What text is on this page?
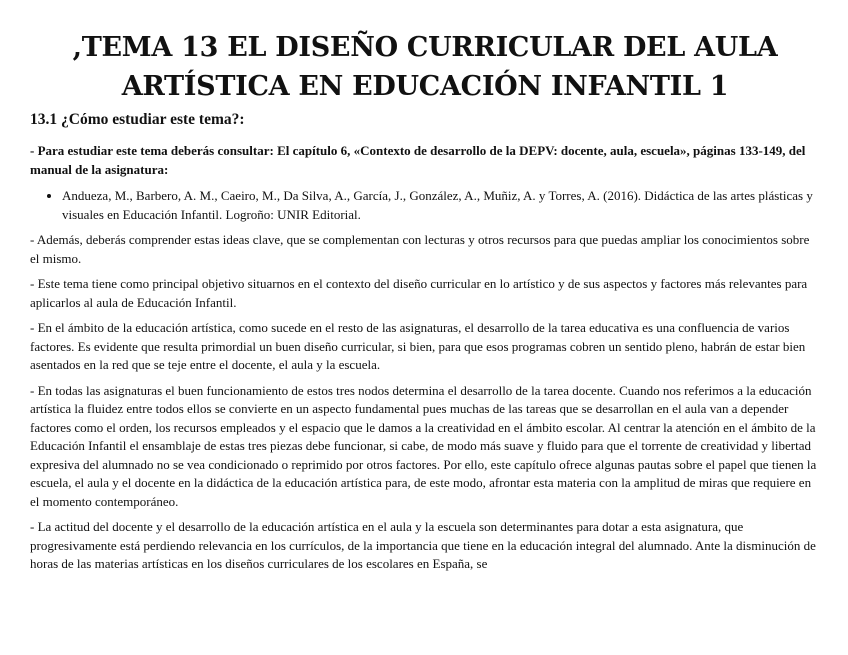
,TEMA 13 EL DISEÑO CURRICULAR DEL AULA
ARTÍSTICA EN EDUCACIÓN INFANTIL 1
13.1 ¿Cómo estudiar este tema?:

- Para estudiar este tema deberás consultar: El capítulo 6, «Contexto de desarrollo de la DEPV: docente, aula, escuela», páginas 133-149, del manual de la asignatura:

• Andueza, M., Barbero, A. M., Caeiro, M., Da Silva, A., García, J., González, A., Muñiz, A. y Torres, A. (2016). Didáctica de las artes plásticas y visuales en Educación Infantil. Logroño: UNIR Editorial.

- Además, deberás comprender estas ideas clave, que se complementan con lecturas y otros recursos para que puedas ampliar los conocimientos sobre el mismo.

- Este tema tiene como principal objetivo situarnos en el contexto del diseño curricular en lo artístico y de sus aspectos y factores más relevantes para aplicarlos al aula de Educación Infantil.

- En el ámbito de la educación artística, como sucede en el resto de las asignaturas, el desarrollo de la tarea educativa es una confluencia de varios factores. Es evidente que resulta primordial un buen diseño curricular, si bien, para que esos programas cobren un sentido pleno, habrán de estar bien asentados en la red que se teje entre el docente, el aula y la escuela.

- En todas las asignaturas el buen funcionamiento de estos tres nodos determina el desarrollo de la tarea docente. Cuando nos referimos a la educación artística la fluidez entre todos ellos se convierte en un aspecto fundamental pues muchas de las tareas que se desarrollan en el aula van a depender factores como el orden, los recursos empleados y el espacio que le damos a la creatividad en el ámbito escolar. Al centrar la atención en el ámbito de la Educación Infantil el ensamblaje de estas tres piezas debe funcionar, si cabe, de modo más suave y fluido para que el torrente de creatividad y libertad expresiva del alumnado no se vea condicionado o reprimido por otros factores. Por ello, este capítulo ofrece algunas pautas sobre el papel que tienen la escuela, el aula y el docente en la didáctica de la educación artística para, de este modo, afrontar esta materia con la amplitud de miras que requiere en el momento contemporáneo.

- La actitud del docente y el desarrollo de la educación artística en el aula y la escuela son determinantes para dotar a esta asignatura, que progresivamente está perdiendo relevancia en los currículos, de la importancia que tiene en la educación integral del alumnado. Ante la disminución de horas de las materias artísticas en los diseños curriculares de los escolares en España, se
